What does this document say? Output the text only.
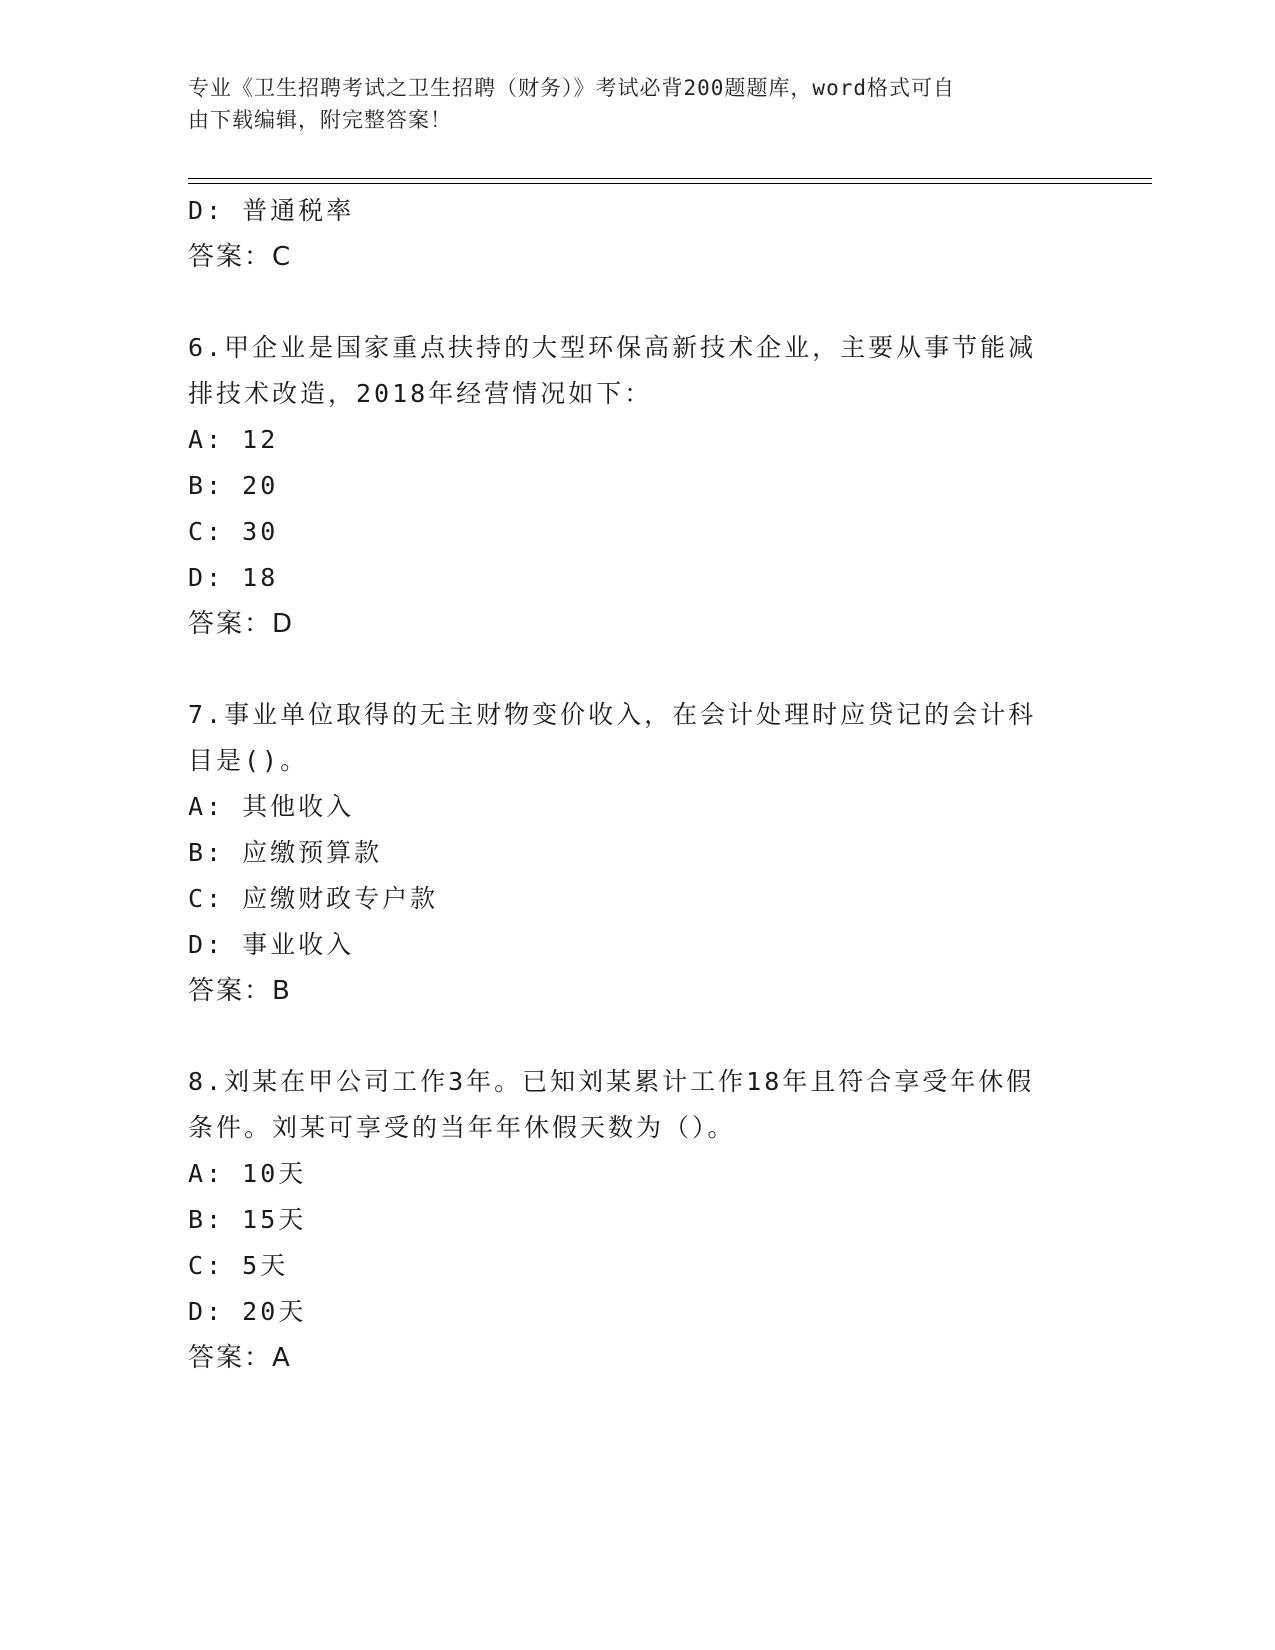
专业《卫生招聘考试之卫生招聘（财务）》考试必背200题题库，word格式可自
由下载编辑，附完整答案！
D: 普通税率
答案：C
6.甲企业是国家重点扶持的大型环保高新技术企业，主要从事节能减
排技术改造，2018年经营情况如下：
A: 12
B: 20
C: 30
D: 18
答案：D
7.事业单位取得的无主财物变价收入，在会计处理时应贷记的会计科
目是()。
A: 其他收入
B: 应缴预算款
C: 应缴财政专户款
D: 事业收入
答案：B
8.刘某在甲公司工作3年。已知刘某累计工作18年且符合享受年休假
条件。刘某可享受的当年年休假天数为（）。
A: 10天
B: 15天
C: 5天
D: 20天
答案：A
